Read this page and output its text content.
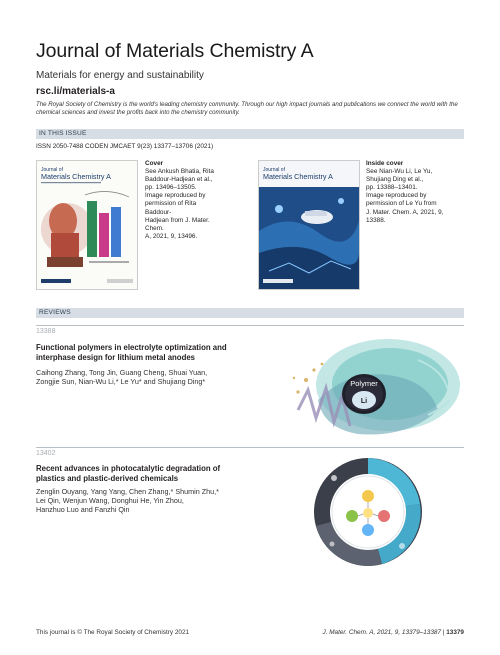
Journal of Materials Chemistry A
Materials for energy and sustainability
rsc.li/materials-a
The Royal Society of Chemistry is the world's leading chemistry community. Through our high impact journals and publications we connect the world with the chemical sciences and invest the profits back into the chemistry community.
IN THIS ISSUE
ISSN 2050-7488 CODEN JMCAET 9(23) 13377–13706 (2021)
Journal of
Materials Chemistry A
Cover
See Ankush Bhatia, Rita
Baddour-Hadjean et al.,
pp. 13496–13505.
Image reproduced by
permission of Rita Baddour-
Hadjean from J. Mater. Chem.
A, 2021, 9, 13496.
Journal of
Materials Chemistry A
Inside cover
See Nian-Wu Li, Le Yu,
Shujiang Ding et al.,
pp. 13388–13401.
Image reproduced by
permission of Le Yu from
J. Mater. Chem. A, 2021, 9,
13388.
REVIEWS
13388
Functional polymers in electrolyte optimization and
interphase design for lithium metal anodes
Caihong Zhang, Tong Jin, Guang Cheng, Shuai Yuan,
Zongjie Sun, Nian-Wu Li,* Le Yu* and Shujiang Ding*	Polymer
Li
13402
Recent advances in photocatalytic degradation of
plastics and plastic-derived chemicals
Zenglin Ouyang, Yang Yang, Chen Zhang,* Shumin Zhu,*
Lei Qin, Wenjun Wang, Donghui He, Yin Zhou,
Hanzhuo Luo and Fanzhi Qin
This journal is © The Royal Society of Chemistry 2021	J. Mater. Chem. A, 2021, 9, 13379–13387 | 13379
